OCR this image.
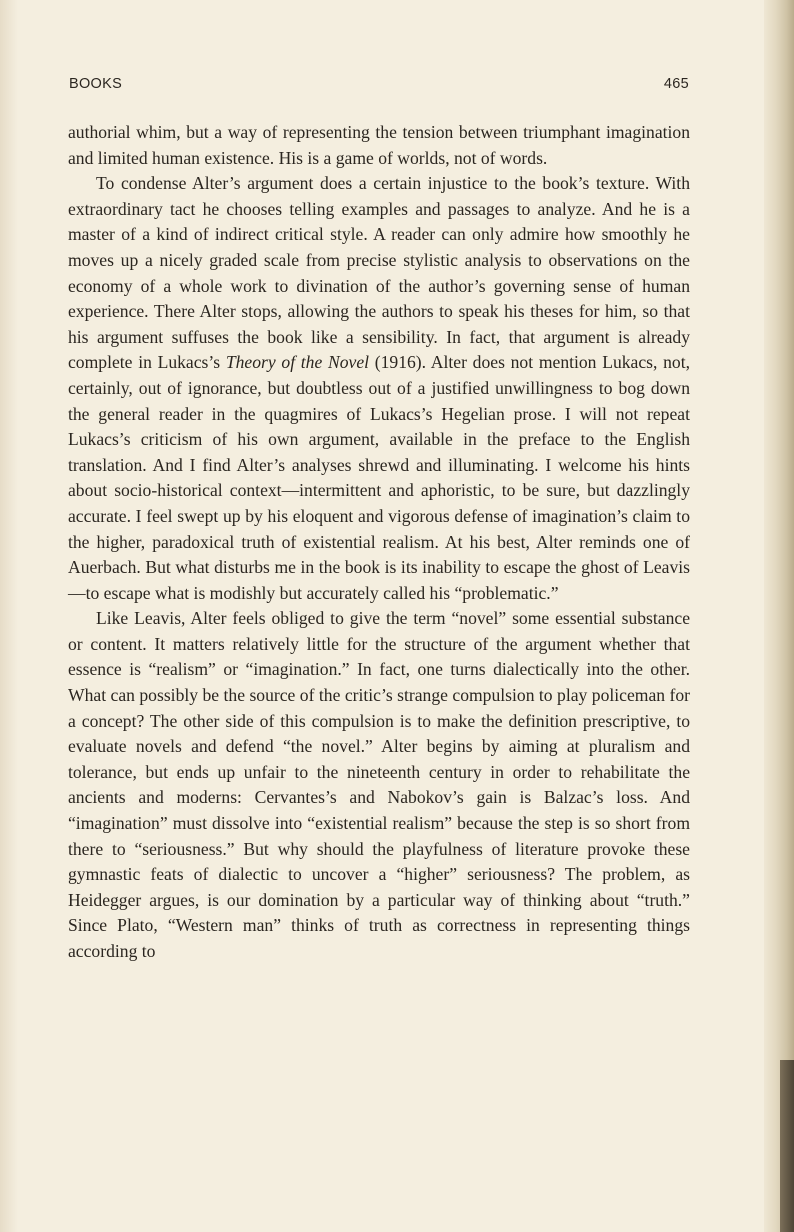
BOOKS	465

authorial whim, but a way of representing the tension between triumphant imagination and limited human existence. His is a game of worlds, not of words.

To condense Alter’s argument does a certain injustice to the book’s texture. With extraordinary tact he chooses telling examples and passages to analyze. And he is a master of a kind of indirect critical style. A reader can only admire how smoothly he moves up a nicely graded scale from precise stylistic analysis to observations on the economy of a whole work to divination of the author’s governing sense of human experience. There Alter stops, allowing the authors to speak his theses for him, so that his argument suffuses the book like a sensibility. In fact, that argument is already complete in Lukacs’s Theory of the Novel (1916). Alter does not mention Lukacs, not, certainly, out of ignorance, but doubtless out of a justified unwillingness to bog down the general reader in the quagmires of Lukacs’s Hegelian prose. I will not repeat Lukacs’s criticism of his own argument, available in the preface to the English translation. And I find Alter’s analyses shrewd and illuminating. I welcome his hints about socio-historical context—intermittent and aphoristic, to be sure, but dazzlingly accurate. I feel swept up by his eloquent and vigorous defense of imagination’s claim to the higher, paradoxical truth of existential realism. At his best, Alter reminds one of Auerbach. But what disturbs me in the book is its inability to escape the ghost of Leavis—to escape what is modishly but accurately called his “problematic.”

Like Leavis, Alter feels obliged to give the term “novel” some essential substance or content. It matters relatively little for the structure of the argument whether that essence is “realism” or “imagination.” In fact, one turns dialectically into the other. What can possibly be the source of the critic’s strange compulsion to play policeman for a concept? The other side of this compulsion is to make the definition prescriptive, to evaluate novels and defend “the novel.” Alter begins by aiming at pluralism and tolerance, but ends up unfair to the nineteenth century in order to rehabilitate the ancients and moderns: Cervantes’s and Nabokov’s gain is Balzac’s loss. And “imagination” must dissolve into “existential realism” because the step is so short from there to “seriousness.” But why should the playfulness of literature provoke these gymnastic feats of dialectic to uncover a “higher” seriousness? The problem, as Heidegger argues, is our domination by a particular way of thinking about “truth.” Since Plato, “Western man” thinks of truth as correctness in representing things according to
